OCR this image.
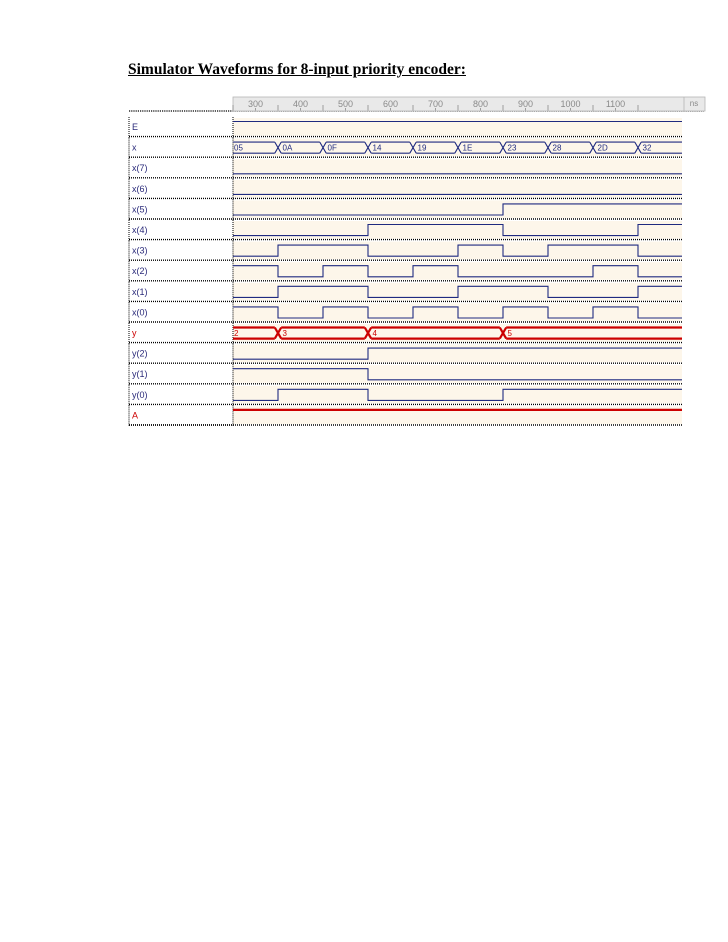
Simulator Waveforms for 8-input priority encoder:
300	400	500	600	700	800	900	1000	1100	ns
05	0A	0F	14	19	1E	23	28	2D	32
2	3	4	5
E
x
x(7)
x(6)
x(5)
x(4)
x(3)
x(2)
x(1)
x(0)
y
y(2)
y(1)
y(0)
A
